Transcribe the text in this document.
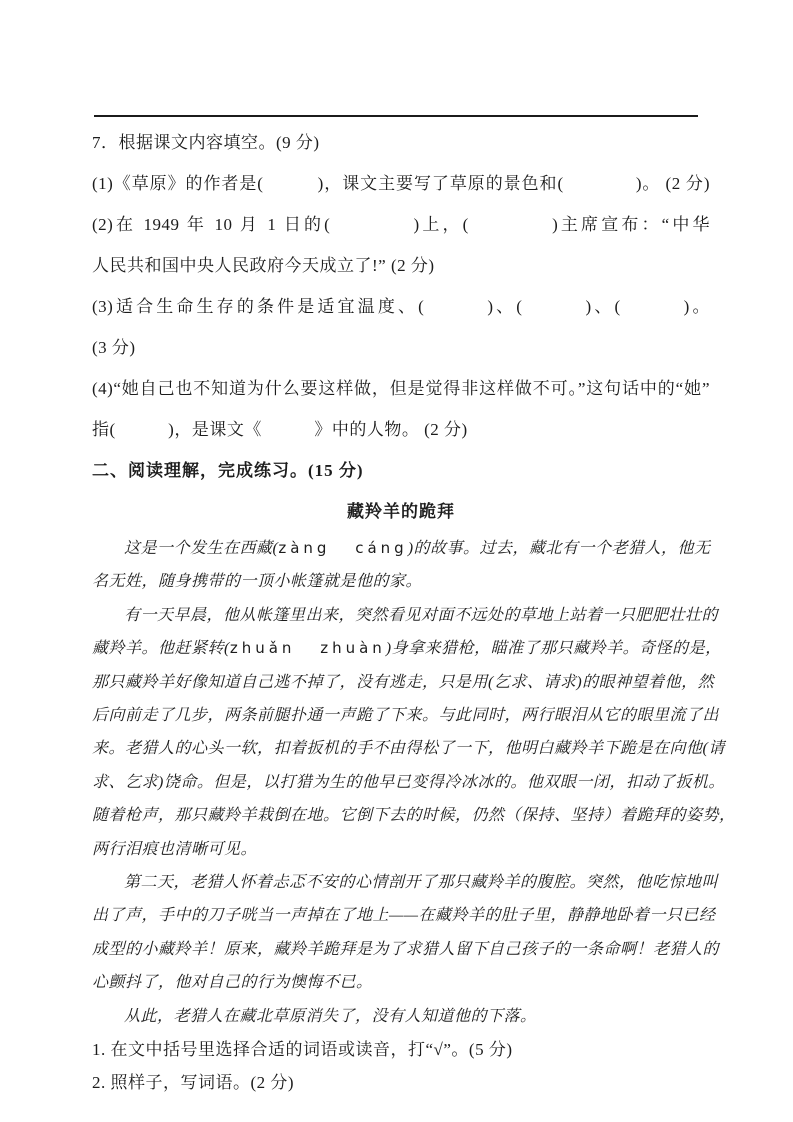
7．根据课文内容填空。(9 分)
(1)《草原》的作者是(　　　)，课文主要写了草原的景色和(　　　　)。 (2 分)
(2)在 1949 年 10 月 1 日的(　　　　)上，(　　　　)主席宣布：“中华
人民共和国中央人民政府今天成立了!” (2 分)
(3)适合生命生存的条件是适宜温度、(　　　)、(　　　)、(　　　)。
(3 分)
(4)“她自己也不知道为什么要这样做，但是觉得非这样做不可。”这句话中的“她”
指(　　　)，是课文《　　　》中的人物。 (2 分)
二、阅读理解，完成练习。(15 分)
藏羚羊的跪拜
这是一个发生在西藏(zàng cáng)的故事。过去，藏北有一个老猎人，他无
名无姓，随身携带的一顶小帐篷就是他的家。
有一天早晨，他从帐篷里出来，突然看见对面不远处的草地上站着一只肥肥壮壮的
藏羚羊。他赶紧转(zhuǎn zhuàn)身拿来猎枪，瞄准了那只藏羚羊。奇怪的是，
那只藏羚羊好像知道自己逃不掉了，没有逃走，只是用(乞求、请求)的眼神望着他，然
后向前走了几步，两条前腿扑通一声跪了下来。与此同时，两行眼泪从它的眼里流了出
来。老猎人的心头一软，扣着扳机的手不由得松了一下，他明白藏羚羊下跪是在向他(请
求、乞求)饶命。但是，以打猎为生的他早已变得冷冰冰的。他双眼一闭，扣动了扳机。
随着枪声，那只藏羚羊栽倒在地。它倒下去的时候，仍然（保持、坚持）着跪拜的姿势，
两行泪痕也清晰可见。
第二天，老猎人怀着忐忑不安的心情剖开了那只藏羚羊的腹腔。突然，他吃惊地叫
出了声，手中的刀子咣当一声掉在了地上——在藏羚羊的肚子里，静静地卧着一只已经
成型的小藏羚羊！原来，藏羚羊跪拜是为了求猎人留下自己孩子的一条命啊！老猎人的
心颤抖了，他对自己的行为懊悔不已。
从此，老猎人在藏北草原消失了，没有人知道他的下落。
1. 在文中括号里选择合适的词语或读音，打“√”。(5 分)
2. 照样子，写词语。(2 分)
